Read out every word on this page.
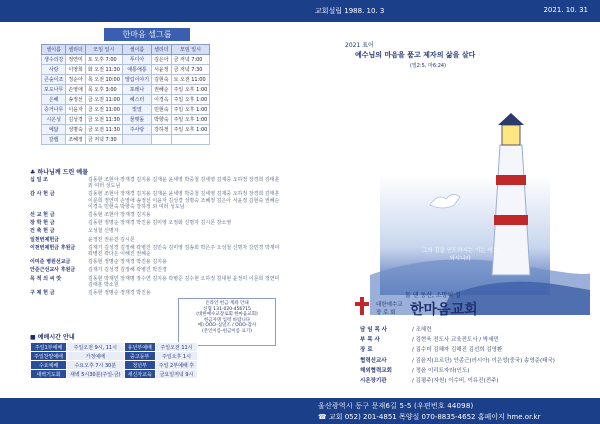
교회설립 1988. 10. 3	2021. 10. 31
한마음 셀그룹
셀이름	셀리더	모임 일시	셀이름	셀리더	모임 일시
생수의강	정연미	토 오후 7:00	푸디아	김은아	금 저녁 7:00
사랑	이영희	화 오전 11:30	애통애통	서윤정	금 저녁 7:30
큰숲이조	정순아	목 오전 10:00	엘림이야기	김현숙	토 오전 11:00
포도나무	손영애	목 오후 3:00	포레나	권혜순	주일 오후 1:00
은혜	송정선	금 오전 11:00	헤스터	이경옥	주일 오후 1:00
증거나무	이윤자	금 오전 11:00	빛열	민현숙	주일 오후 1:00
시온성	김성경	금 오전 11:30	물맷돌	박향숙	주일 오후 1:00
예닮	성명숙	금 오전 11:30	주사랑	강하정	주일 오후 1:00
갈렙	조혜정	금 저녁 7:30			
♣ 하나님께 드린 예물
십 일 조	김동현 조현아 장재경 김지용 김재윤 윤세영 박중철 김세영 김재중 오하정 장경희 김태훈 외 여러 성도님
감 사 헌 금	김동현 조현아 장재경 김지용 김재윤 윤세영 박중철 김세영 김재중 오하정 장경희 김태훈 이문희 정연미 손영애 송정선 이윤자 김성경 성명숙 조혜정 김은아 서윤정 김현숙 권혜순 이경옥 민현숙 박향숙 강하정 외 여러 성도님
선 교 헌 금	김동현 조현아 장재경 김지용
장 학 헌 금	김동현 정명순 장재경 박진용 김미영 오정화 신명자 김시몬 장소영
건 축 헌 금	오성철 신명자
일천번제헌금	윤정진 권유진 김시몬
이천번제헌금 후원금	김재기 김성경 김정해 곽병진 김민숙 김미영 김송희 박은주 오성철 신명자 강민경 박재미 곽병진 곽다은 이해진 권혜순
이미준 병원선교금	김동현 정명순 장재경 박진용 김지용
안준근선교사 후원금	김재기 김성경 김정해 곽병진 박진경
목 적 의 씨 앗	김동현 박재민 장재명 장수연 김지용 곽병준 김수현 오하정 김대현 윤정미 이문희 정연미 김태훈 박소원
구 제 헌 금	김동현 정명순 정재경 박진용
온라인 헌금 계좌 안내
신협 131-020-456715
(대한예수교장로회 한마음교회)
헌금자명 입력 바랍니다
예) OOO-십일조 / OOO-감사
(본인이름-헌금이름 표기)
■ 예배시간 안내
주일1부예배	주일오전 9시, 11시	유년부예배	주일오전 11시
주일찬양예배	가정예배	중고등부	주일오후 1시
수요예배	수요오후 7시 30분	청년부	주일 2부예배 후
새벽기도회	새벽 5시30분(주일-금)	새신자교육	금요일저녁 9시
2021 표어
예수님의 마음을 품고 제자의 삶을 살다
(빌2:5, 마6:24)
그의 길을 인도하시는 이는 여호와시니라
물 댄 동산, 소망의 길
대한예수교
장 로 회	한마음교회
담 임 목 사	/ 조혜련
부 목 사	/ 김현욱 전도사 교육전도사 / 박세민
장 로	/ 김수미 김혜자 김해진 김선희 김영환
협력선교사	/ 김윤지(요르단) 안종근(러시아) 이은성(중국) 송영준(태국)
해외협력교회	/ 정윤 이리트자라(인도)
시온장기관	/ 김평주(자원) 이수비, 이유진(전주)
울산광역시 동구 문재6길 5-5 (우편번호 44098)
☎ 교회 052) 201-4851 목양실 070-8835-4652 홈페이지 hme.or.kr
